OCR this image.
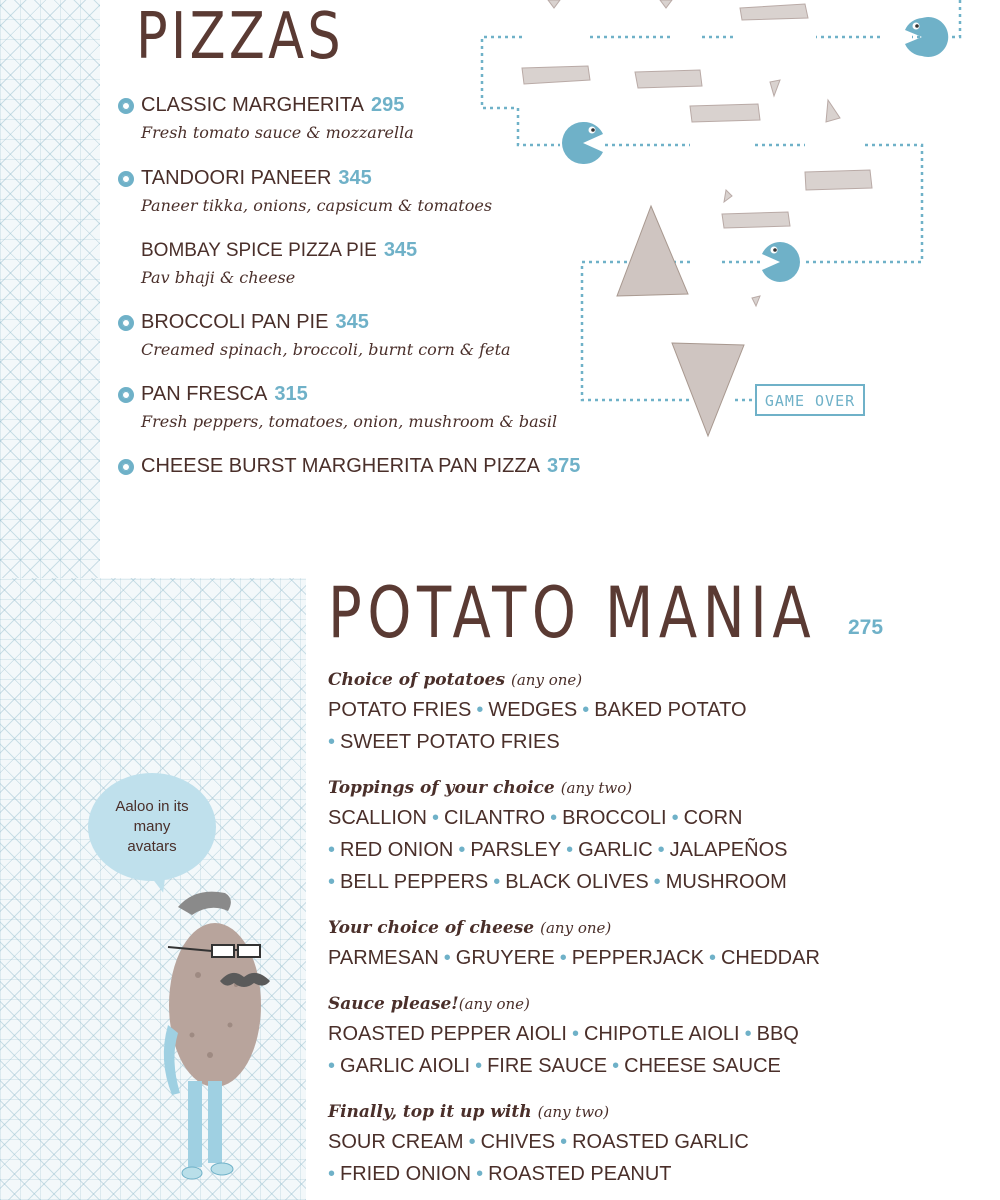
PIZZAS
CLASSIC MARGHERITA 295
Fresh tomato sauce & mozzarella
TANDOORI PANEER 345
Paneer tikka, onions, capsicum & tomatoes
BOMBAY SPICE PIZZA PIE 345
Pav bhaji & cheese
BROCCOLI PAN PIE 345
Creamed spinach, broccoli, burnt corn & feta
PAN FRESCA 315
Fresh peppers, tomatoes, onion, mushroom & basil
CHEESE BURST MARGHERITA PAN PIZZA 375
GAME OVER
POTATO MANIA 275
Choice of potatoes (any one)
POTATO FRIES • WEDGES • BAKED POTATO
• SWEET POTATO FRIES
Toppings of your choice (any two)
SCALLION • CILANTRO • BROCCOLI • CORN
• RED ONION • PARSLEY • GARLIC • JALAPEÑOS
• BELL PEPPERS • BLACK OLIVES • MUSHROOM
Your choice of cheese (any one)
PARMESAN • GRUYERE • PEPPERJACK • CHEDDAR
Sauce please!(any one)
ROASTED PEPPER AIOLI • CHIPOTLE AIOLI • BBQ
• GARLIC AIOLI • FIRE SAUCE • CHEESE SAUCE
Finally, top it up with (any two)
SOUR CREAM • CHIVES • ROASTED GARLIC
• FRIED ONION • ROASTED PEANUT
Aaloo in its many avatars
